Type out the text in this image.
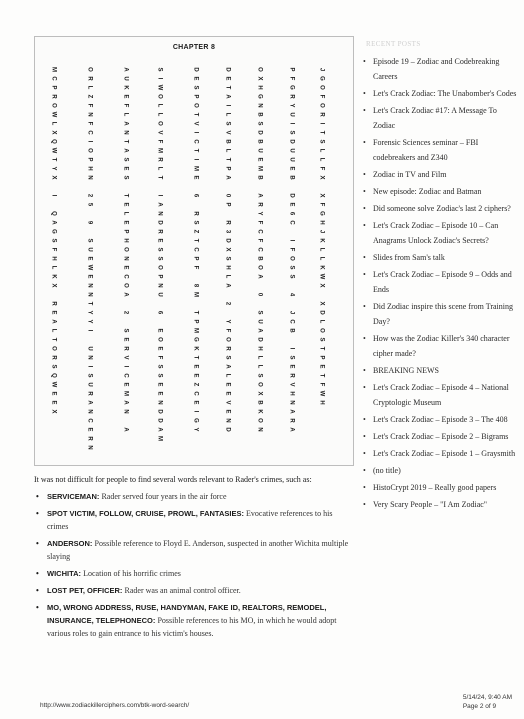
CHAPTER 8
M
C
P
R
O
W
L
X
Q
W
T
Y
X

I

Q
A
G
S
F
H
L
K
X

R
E
A
L
T
O
R
S
Q
W
E
E
X
O
R
L
Z
F
N
F
C
I
O
P
H
N

2
5

9

S
U
E
W
E
N
N
T
Y
Y
I

U
N
I
S
U
R
A
N
C
E
R
N
A
U
K
E
F
L
A
N
T
A
S
E
S

T
E
L
E
P
H
O
N
E
C
O
A

2

S
E
R
V
I
C
E
M
A
N

A
S
I
W
O
L
L
O
V
F
M
R
L
T

I
A
N
D
R
E
S
S
O
P
N
U

6

E
O
E
F
S
S
E
E
N
D
D
A
M
D
E
S
P
O
T
V
I
C
T
I
M
E

6

R
S
Z
T
C
P
F

8
M

T
P
M
G
K
T
E
E
Z
C
E
I
G
Y
D
E
T
A
I
L
S
V
B
L
T
P
A

0
P

R
3
D
X
S
H
L
A

2

Y
F
O
R
S
A
L
E
E
V
E
N
D
O
X
H
G
N
B
S
D
B
U
E
M
B

A
R
Y
F
C
F
C
B
O
A

0

S
U
A
D
H
L
L
S
O
X
B
K
O
N
P
F
G
R
Y
U
I
S
D
U
U
E
B

D
E
6
C

I
F
O
S
S

4

J
C
B

I
S
E
R
V
H
N
A
R
A
J
G
O
F
O
R
I
T
S
L
L
F
X

X
F
G
H
J
K
L
L
K
W
X

X
D
L
O
S
T
P
E
T
F
W
H
RECENT POSTS
• Episode 19 – Zodiac and Codebreaking Careers
• Let's Crack Zodiac: The Unabomber's Codes
• Let's Crack Zodiac #17: A Message To Zodiac
• Forensic Sciences seminar – FBI codebreakers and Z340
• Zodiac in TV and Film
• New episode: Zodiac and Batman
• Did someone solve Zodiac's last 2 ciphers?
• Let's Crack Zodiac – Episode 10 – Can Anagrams Unlock Zodiac's Secrets?
• Slides from Sam's talk
• Let's Crack Zodiac – Episode 9 – Odds and Ends
• Did Zodiac inspire this scene from Training Day?
• How was the Zodiac Killer's 340 character cipher made?
• BREAKING NEWS
• Let's Crack Zodiac – Episode 4 – National Cryptologic Museum
• Let's Crack Zodiac – Episode 3 – The 408
• Let's Crack Zodiac – Episode 2 – Bigrams
• Let's Crack Zodiac – Episode 1 – Graysmith
• (no title)
• HistoCrypt 2019 – Really good papers
• Very Scary People – "I Am Zodiac"
It was not difficult for people to find several words relevant to Rader's crimes, such as:
• SERVICEMAN: Rader served four years in the air force
• SPOT VICTIM, FOLLOW, CRUISE, PROWL, FANTASIES: Evocative references to his crimes
• ANDERSON: Possible reference to Floyd E. Anderson, suspected in another Wichita multiple slaying
• WICHITA: Location of his horrific crimes
• LOST PET, OFFICER: Rader was an animal control officer.
• MO, WRONG ADDRESS, RUSE, HANDYMAN, FAKE ID, REALTORS, REMODEL, INSURANCE, TELEPHONECO: Possible references to his MO, in which he would adopt various roles to gain entrance to his victim's houses.
http://www.zodiackillerciphers.com/btk-word-search/
5/14/24, 9:40 AM
Page 2 of 9
